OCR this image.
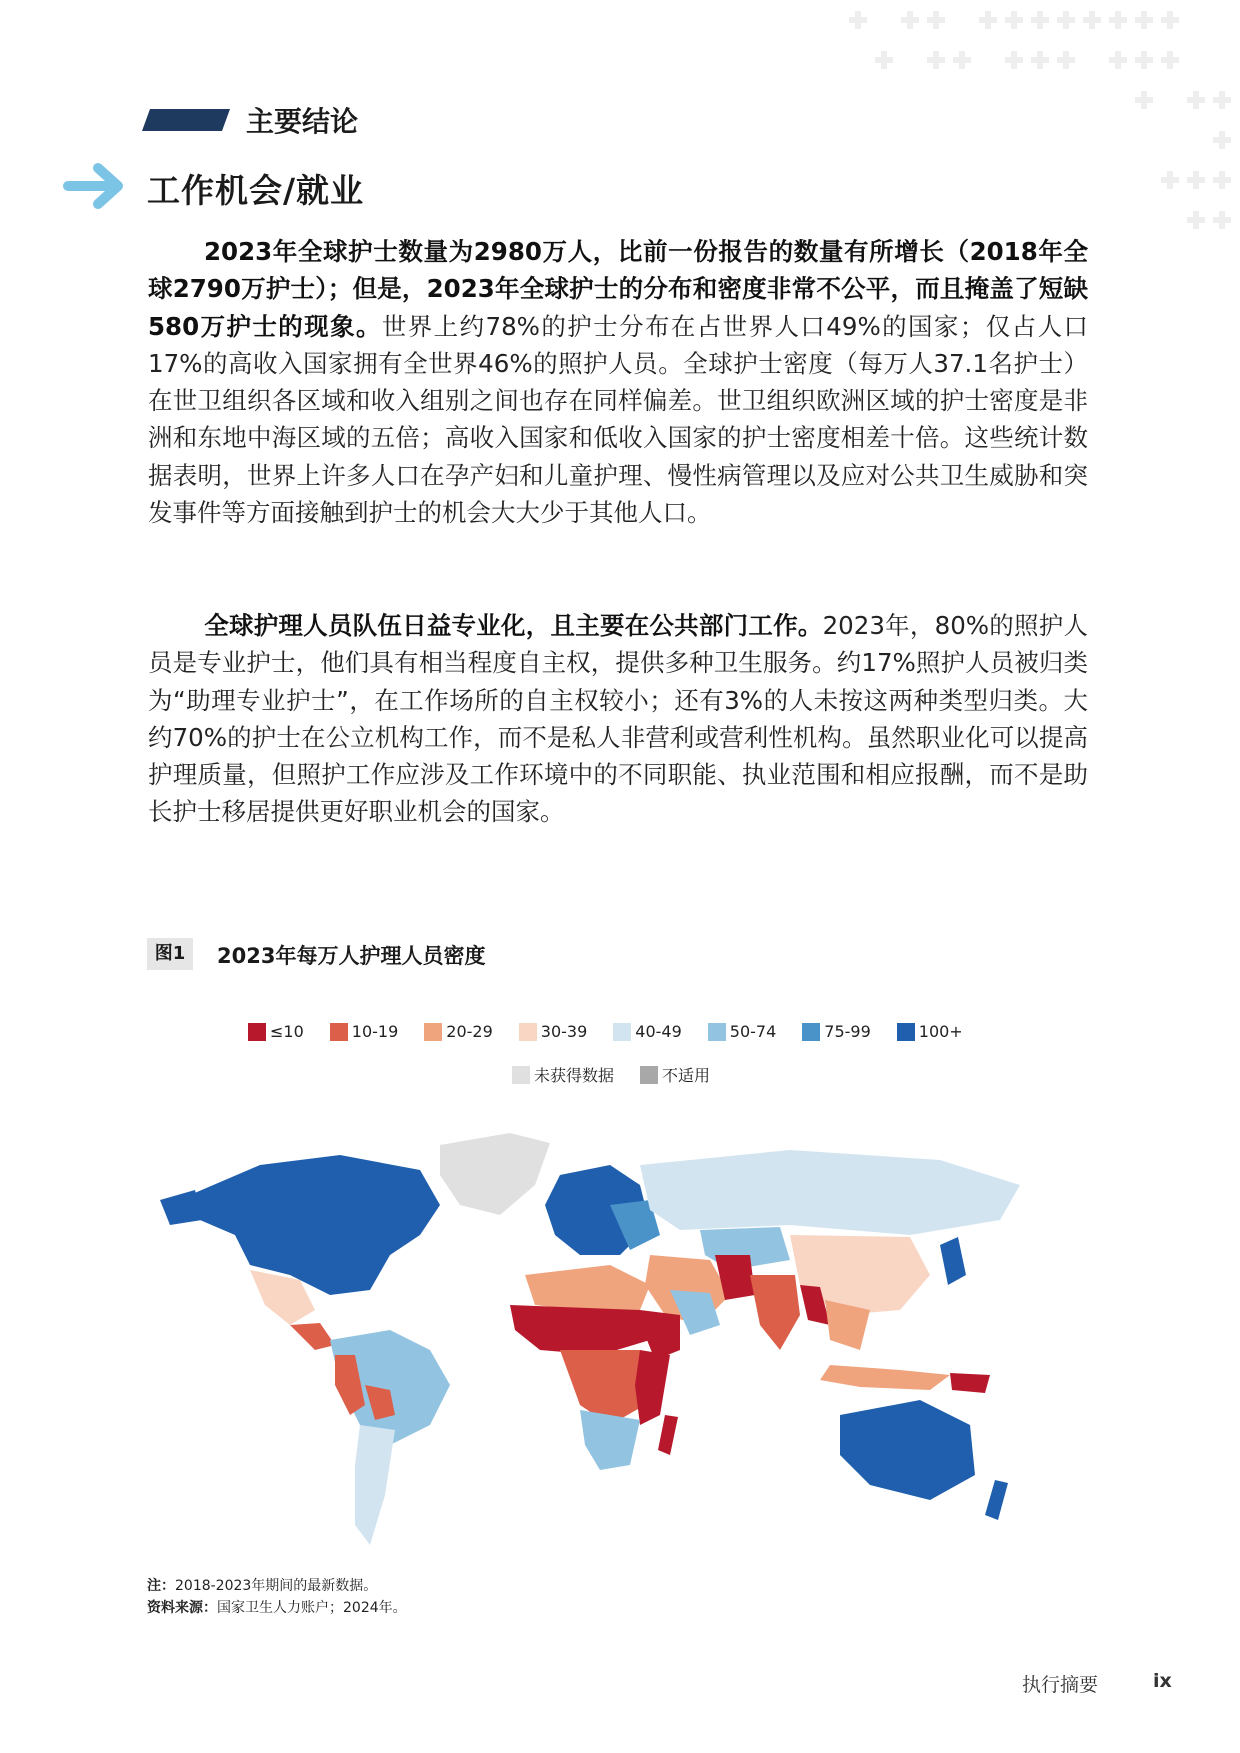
主要结论
工作机会/就业
2023年全球护士数量为2980万人，比前一份报告的数量有所增长（2018年全球2790万护士）；但是，2023年全球护士的分布和密度非常不公平，而且掩盖了短缺580万护士的现象。世界上约78%的护士分布在占世界人口49%的国家；仅占人口17%的高收入国家拥有全世界46%的照护人员。全球护士密度（每万人37.1名护士）在世卫组织各区域和收入组别之间也存在同样偏差。世卫组织欧洲区域的护士密度是非洲和东地中海区域的五倍；高收入国家和低收入国家的护士密度相差十倍。这些统计数据表明，世界上许多人口在孕产妇和儿童护理、慢性病管理以及应对公共卫生威胁和突发事件等方面接触到护士的机会大大少于其他人口。
全球护理人员队伍日益专业化，且主要在公共部门工作。2023年，80%的照护人员是专业护士，他们具有相当程度自主权，提供多种卫生服务。约17%照护人员被归类为“助理专业护士”，在工作场所的自主权较小；还有3%的人未按这两种类型归类。大约70%的护士在公立机构工作，而不是私人非营利或营利性机构。虽然职业化可以提高护理质量，但照护工作应涉及工作环境中的不同职能、执业范围和相应报酬，而不是助长护士移居提供更好职业机会的国家。
图1	2023年每万人护理人员密度
≤10	10-19	20-29	30-39	40-49	50-74	75-99	100+
未获得数据	不适用
注：2018-2023年期间的最新数据。
资料来源：国家卫生人力账户；2024年。
执行摘要	ix
